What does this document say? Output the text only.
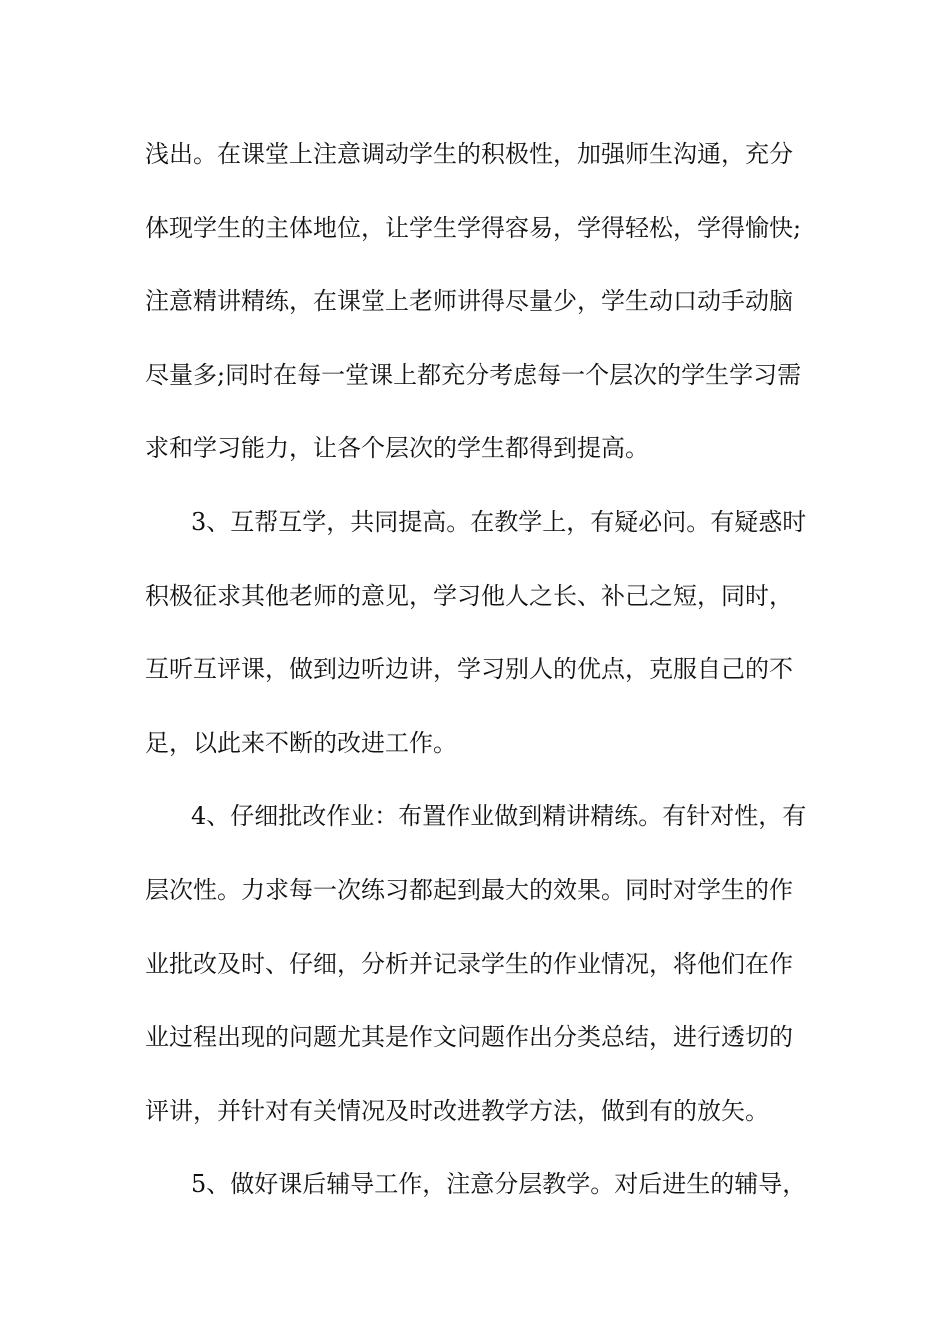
浅出。在课堂上注意调动学生的积极性，加强师生沟通，充分
体现学生的主体地位，让学生学得容易，学得轻松，学得愉快;
注意精讲精练，在课堂上老师讲得尽量少，学生动口动手动脑
尽量多;同时在每一堂课上都充分考虑每一个层次的学生学习需
求和学习能力，让各个层次的学生都得到提高。
3、互帮互学，共同提高。在教学上，有疑必问。有疑惑时
积极征求其他老师的意见，学习他人之长、补己之短，同时，
互听互评课，做到边听边讲，学习别人的优点，克服自己的不
足，以此来不断的改进工作。
4、仔细批改作业：布置作业做到精讲精练。有针对性，有
层次性。力求每一次练习都起到最大的效果。同时对学生的作
业批改及时、仔细，分析并记录学生的作业情况，将他们在作
业过程出现的问题尤其是作文问题作出分类总结，进行透切的
评讲，并针对有关情况及时改进教学方法，做到有的放矢。
5、做好课后辅导工作，注意分层教学。对后进生的辅导，
